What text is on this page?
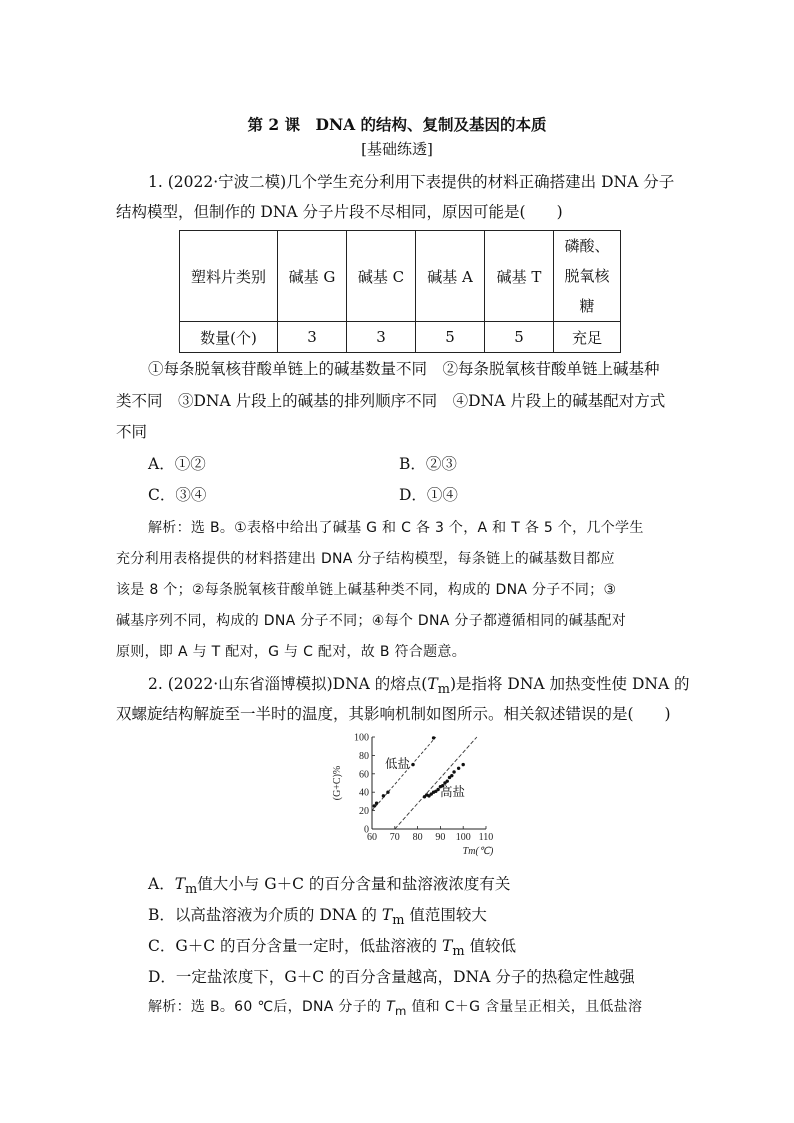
第 2 课　DNA 的结构、复制及基因的本质
[基础练透]
1. (2022·宁波二模)几个学生充分利用下表提供的材料正确搭建出 DNA 分子
结构模型，但制作的 DNA 分子片段不尽相同，原因可能是(　　)
塑料片类别	碱基 G	碱基 C	碱基 A	碱基 T	磷酸、
脱氧核
糖

数量(个)	3	3	5	5	充足
①每条脱氧核苷酸单链上的碱基数量不同　②每条脱氧核苷酸单链上碱基种
类不同　③DNA 片段上的碱基的排列顺序不同　④DNA 片段上的碱基配对方式
不同
A．①②	B．②③
C．③④	D．①④
解析：选 B。①表格中给出了碱基 G 和 C 各 3 个，A 和 T 各 5 个，几个学生
充分利用表格提供的材料搭建出 DNA 分子结构模型，每条链上的碱基数目都应
该是 8 个；②每条脱氧核苷酸单链上碱基种类不同，构成的 DNA 分子不同；③
碱基序列不同，构成的 DNA 分子不同；④每个 DNA 分子都遵循相同的碱基配对
原则，即 A 与 T 配对，G 与 C 配对，故 B 符合题意。
2. (2022·山东省淄博模拟)DNA 的熔点$(T_m)$是指将 DNA 加热变性使 DNA 的
双螺旋结构解旋至一半时的温度，其影响机制如图所示。相关叙述错误的是(　　)
60 70 80 90 100 110
0
20
40
60
80
100
Tm(℃)
(G+C)%
低盐
高盐
A．$T_m$值大小与 G＋C 的百分含量和盐溶液浓度有关
B．以高盐溶液为介质的 DNA 的 $T_m$ 值范围较大
C．G＋C 的百分含量一定时，低盐溶液的 $T_m$ 值较低
D．一定盐浓度下，G＋C 的百分含量越高，DNA 分子的热稳定性越强
解析：选 B。60 ℃后，DNA 分子的 $T_m$ 值和 C＋G 含量呈正相关，且低盐溶
